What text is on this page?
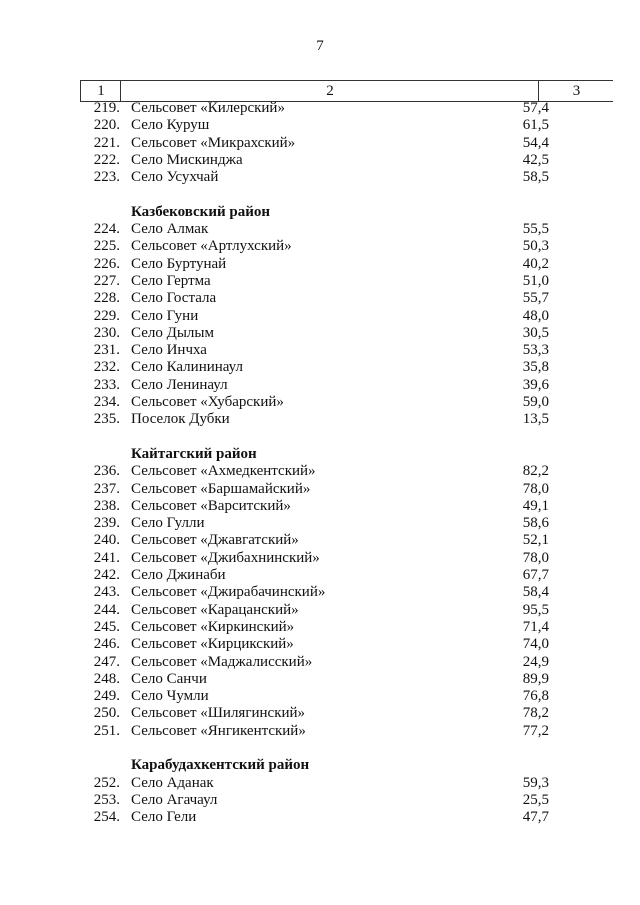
7
1	2	3
219. Сельсовет «Килерский»	57,4
220. Село Куруш	61,5
221. Сельсовет «Микрахский»	54,4
222. Село Мискинджа	42,5
223. Село Усухчай	58,5
Казбековский район
224. Село Алмак	55,5
225. Сельсовет «Артлухский»	50,3
226. Село Буртунай	40,2
227. Село Гертма	51,0
228. Село Гостала	55,7
229. Село Гуни	48,0
230. Село Дылым	30,5
231. Село Инчха	53,3
232. Село Калининаул	35,8
233. Село Ленинаул	39,6
234. Сельсовет «Хубарский»	59,0
235. Поселок Дубки	13,5
Кайтагский район
236. Сельсовет «Ахмедкентский»	82,2
237. Сельсовет «Баршамайский»	78,0
238. Сельсовет «Варситский»	49,1
239. Село Гулли	58,6
240. Сельсовет «Джавгатский»	52,1
241. Сельсовет «Джибахнинский»	78,0
242. Село Джинаби	67,7
243. Сельсовет «Джирабачинский»	58,4
244. Сельсовет «Карацанский»	95,5
245. Сельсовет «Киркинский»	71,4
246. Сельсовет «Кирцикский»	74,0
247. Сельсовет «Маджалисский»	24,9
248. Село Санчи	89,9
249. Село Чумли	76,8
250. Сельсовет «Шилягинский»	78,2
251. Сельсовет «Янгикентский»	77,2
Карабудахкентский район
252. Село Аданак	59,3
253. Село Агачаул	25,5
254. Село Гели	47,7
